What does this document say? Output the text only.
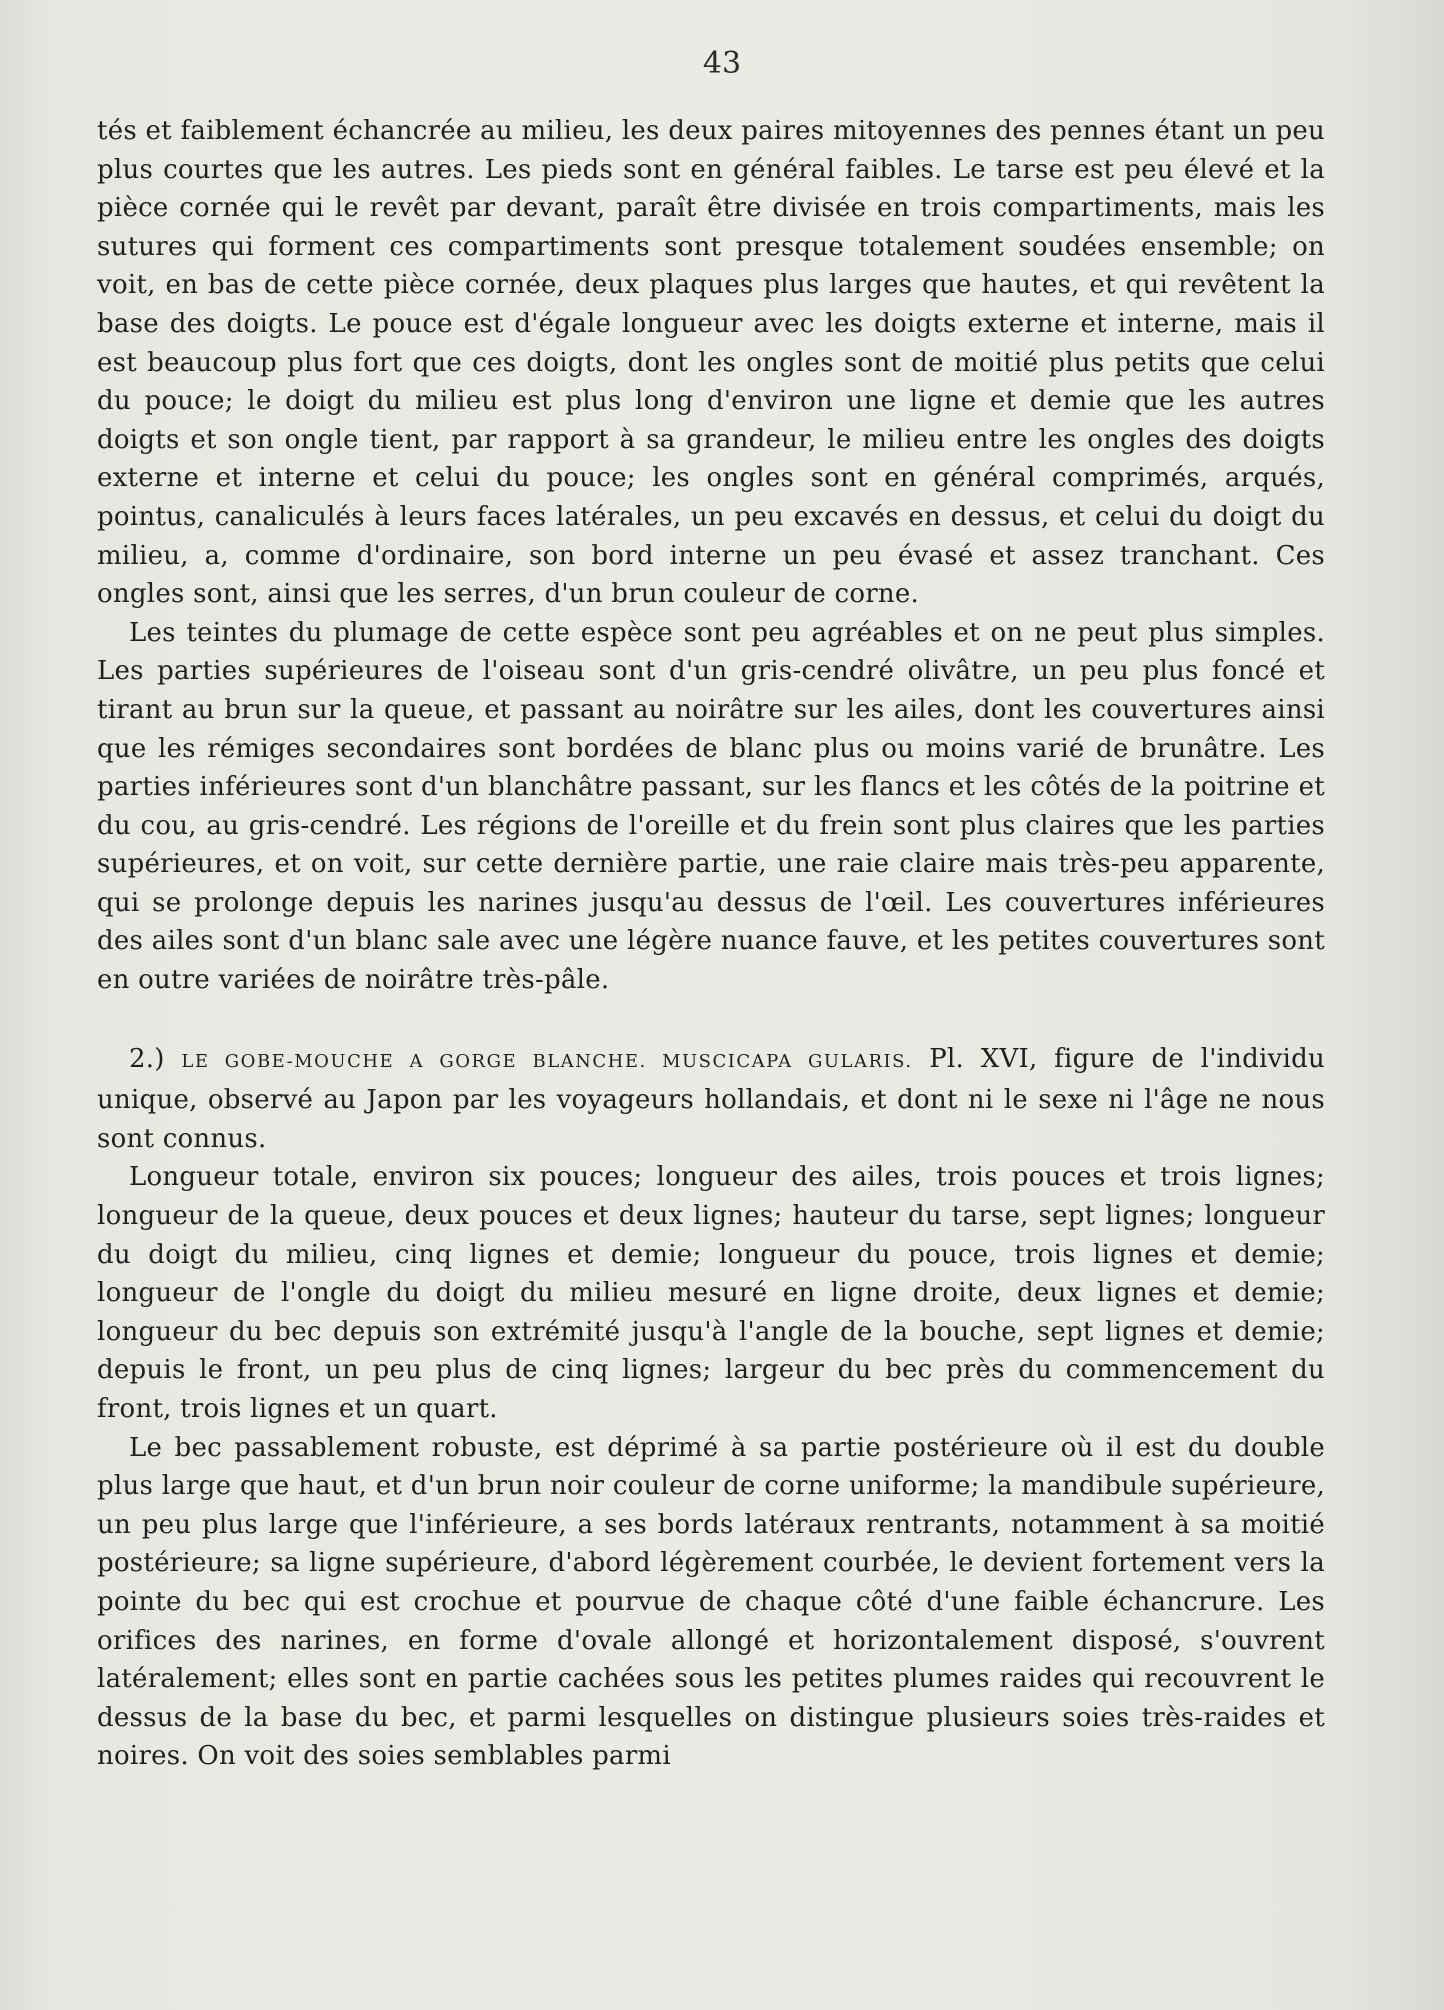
43

tés et faiblement échancrée au milieu, les deux paires mitoyennes des pennes étant un peu plus courtes que les autres. Les pieds sont en général faibles. Le tarse est peu élevé et la pièce cornée qui le revêt par devant, paraît être divisée en trois compartiments, mais les sutures qui forment ces compartiments sont presque totalement soudées ensemble; on voit, en bas de cette pièce cornée, deux plaques plus larges que hautes, et qui revêtent la base des doigts. Le pouce est d'égale longueur avec les doigts externe et interne, mais il est beaucoup plus fort que ces doigts, dont les ongles sont de moitié plus petits que celui du pouce; le doigt du milieu est plus long d'environ une ligne et demie que les autres doigts et son ongle tient, par rapport à sa grandeur, le milieu entre les ongles des doigts externe et interne et celui du pouce; les ongles sont en général comprimés, arqués, pointus, canaliculés à leurs faces latérales, un peu excavés en dessus, et celui du doigt du milieu, a, comme d'ordinaire, son bord interne un peu évasé et assez tranchant. Ces ongles sont, ainsi que les serres, d'un brun couleur de corne.

Les teintes du plumage de cette espèce sont peu agréables et on ne peut plus simples. Les parties supérieures de l'oiseau sont d'un gris-cendré olivâtre, un peu plus foncé et tirant au brun sur la queue, et passant au noirâtre sur les ailes, dont les couvertures ainsi que les rémiges secondaires sont bordées de blanc plus ou moins varié de brunâtre. Les parties inférieures sont d'un blanchâtre passant, sur les flancs et les côtés de la poitrine et du cou, au gris-cendré. Les régions de l'oreille et du frein sont plus claires que les parties supérieures, et on voit, sur cette dernière partie, une raie claire mais très-peu apparente, qui se prolonge depuis les narines jusqu'au dessus de l'œil. Les couvertures inférieures des ailes sont d'un blanc sale avec une légère nuance fauve, et les petites couvertures sont en outre variées de noirâtre très-pâle.

2.) LE GOBE-MOUCHE A GORGE BLANCHE. MUSCICAPA GULARIS. Pl. XVI, figure de l'individu unique, observé au Japon par les voyageurs hollandais, et dont ni le sexe ni l'âge ne nous sont connus.

Longueur totale, environ six pouces; longueur des ailes, trois pouces et trois lignes; longueur de la queue, deux pouces et deux lignes; hauteur du tarse, sept lignes; longueur du doigt du milieu, cinq lignes et demie; longueur du pouce, trois lignes et demie; longueur de l'ongle du doigt du milieu mesuré en ligne droite, deux lignes et demie; longueur du bec depuis son extrémité jusqu'à l'angle de la bouche, sept lignes et demie; depuis le front, un peu plus de cinq lignes; largeur du bec près du commencement du front, trois lignes et un quart.

Le bec passablement robuste, est déprimé à sa partie postérieure où il est du double plus large que haut, et d'un brun noir couleur de corne uniforme; la mandibule supérieure, un peu plus large que l'inférieure, a ses bords latéraux rentrants, notamment à sa moitié postérieure; sa ligne supérieure, d'abord légèrement courbée, le devient fortement vers la pointe du bec qui est crochue et pourvue de chaque côté d'une faible échancrure. Les orifices des narines, en forme d'ovale allongé et horizontalement disposé, s'ouvrent latéralement; elles sont en partie cachées sous les petites plumes raides qui recouvrent le dessus de la base du bec, et parmi lesquelles on distingue plusieurs soies très-raides et noires. On voit des soies semblables parmi
